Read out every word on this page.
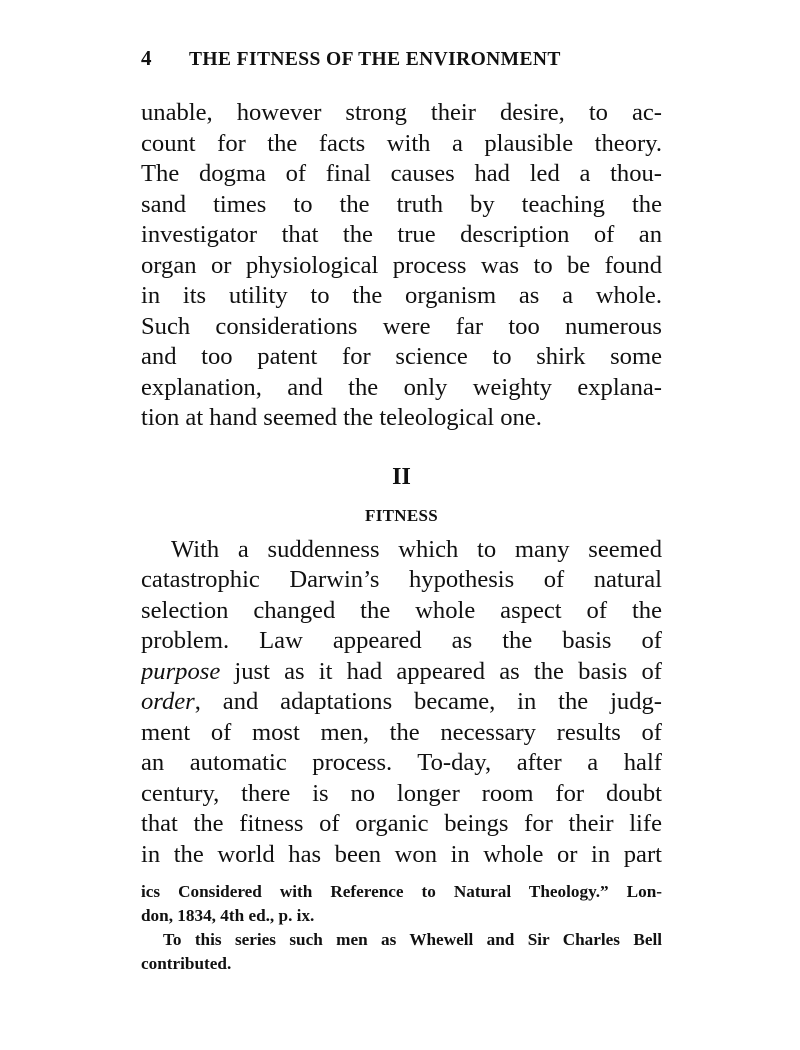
4	THE FITNESS OF THE ENVIRONMENT
unable, however strong their desire, to ac-
count for the facts with a plausible theory.
The dogma of final causes had led a thou-
sand times to the truth by teaching the
investigator that the true description of an
organ or physiological process was to be found
in its utility to the organism as a whole.
Such considerations were far too numerous
and too patent for science to shirk some
explanation, and the only weighty explana-
tion at hand seemed the teleological one.
II
FITNESS
With a suddenness which to many seemed
catastrophic Darwin’s hypothesis of natural
selection changed the whole aspect of the
problem. Law appeared as the basis of
purpose just as it had appeared as the basis of
order, and adaptations became, in the judg-
ment of most men, the necessary results of
an automatic process. To-day, after a half
century, there is no longer room for doubt
that the fitness of organic beings for their life
in the world has been won in whole or in part
ics Considered with Reference to Natural Theology.” Lon-
don, 1834, 4th ed., p. ix.
To this series such men as Whewell and Sir Charles Bell
contributed.
